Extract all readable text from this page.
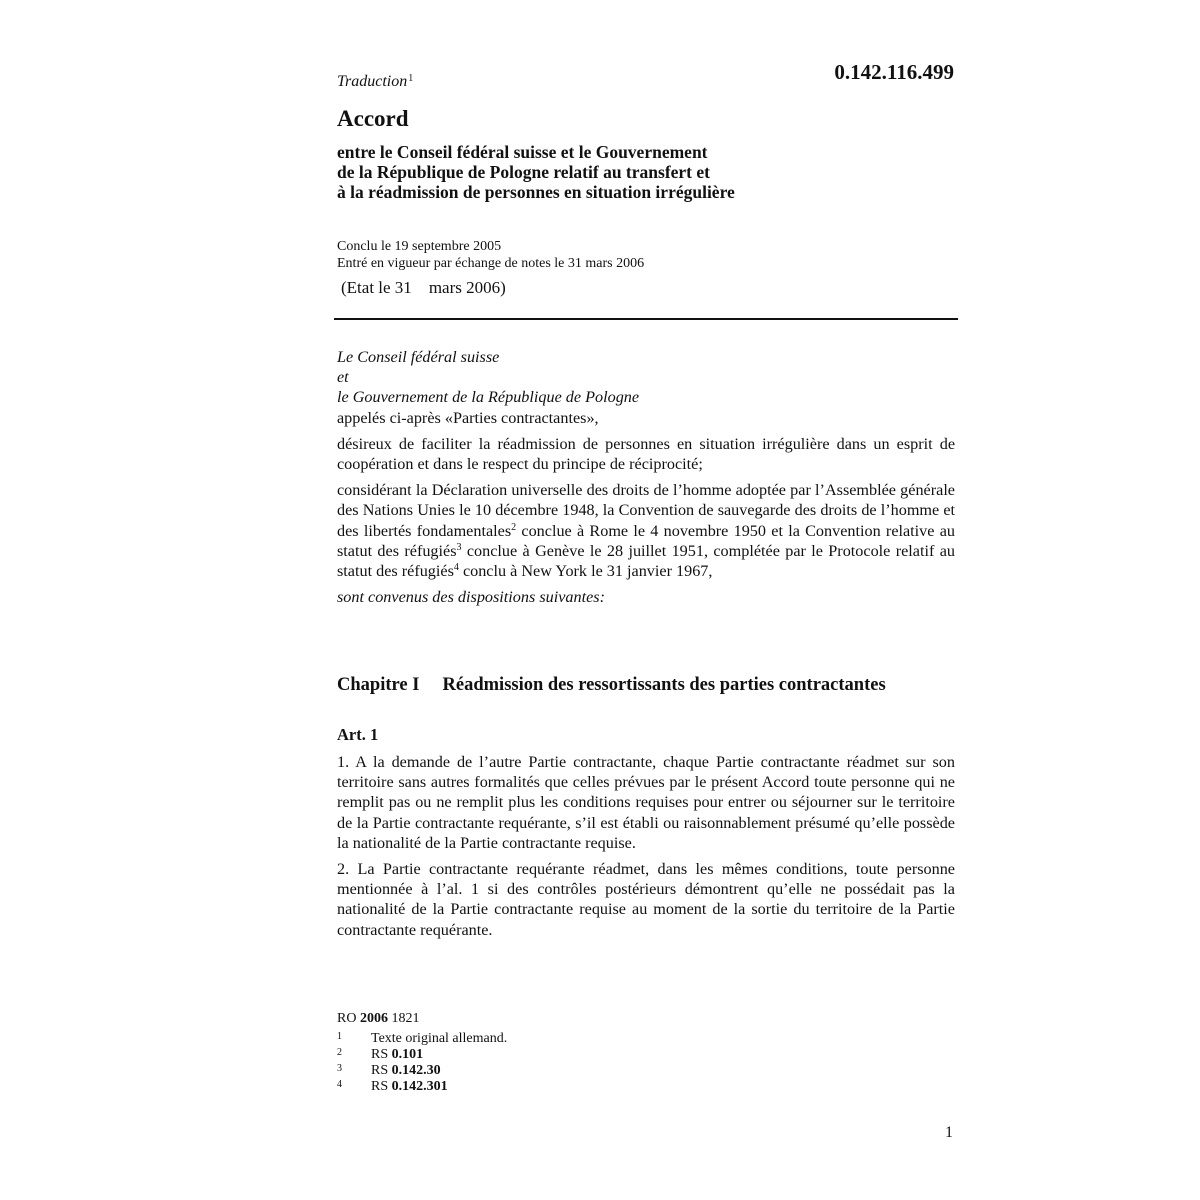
Traduction$^1$	0.142.116.499
Accord
entre le Conseil fédéral suisse et le Gouvernement
de la République de Pologne relatif au transfert et
à la réadmission de personnes en situation irrégulière
Conclu le 19 septembre 2005
Entré en vigueur par échange de notes le 31 mars 2006
(Etat le 31 mars 2006)

Le Conseil fédéral suisse

et

le Gouvernement de la République de Pologne

appelés ci-après «Parties contractantes»,

désireux de faciliter la réadmission de personnes en situation irrégulière dans un esprit de coopération et dans le respect du principe de réciprocité;

considérant la Déclaration universelle des droits de l’homme adoptée par l’Assemblée générale des Nations Unies le 10 décembre 1948, la Convention de sauvegarde des droits de l’homme et des libertés fondamentales$^2$ conclue à Rome le 4 novembre 1950 et la Convention relative au statut des réfugiés$^3$ conclue à Genève le 28 juillet 1951, complétée par le Protocole relatif au statut des réfugiés$^4$ conclu à New York le 31 janvier 1967,

sont convenus des dispositions suivantes:

Chapitre I Réadmission des ressortissants des parties contractantes
Art. 1

1. A la demande de l’autre Partie contractante, chaque Partie contractante réadmet sur son territoire sans autres formalités que celles prévues par le présent Accord toute personne qui ne remplit pas ou ne remplit plus les conditions requises pour entrer ou séjourner sur le territoire de la Partie contractante requérante, s’il est établi ou raisonnablement présumé qu’elle possède la nationalité de la Partie contractante requise.

2. La Partie contractante requérante réadmet, dans les mêmes conditions, toute personne mentionnée à l’al. 1 si des contrôles postérieurs démontrent qu’elle ne possédait pas la nationalité de la Partie contractante requise au moment de la sortie du territoire de la Partie contractante requérante.

RO 2006 1821
1	Texte original allemand.
2	RS 0.101
3	RS 0.142.30
4	RS 0.142.301
1
